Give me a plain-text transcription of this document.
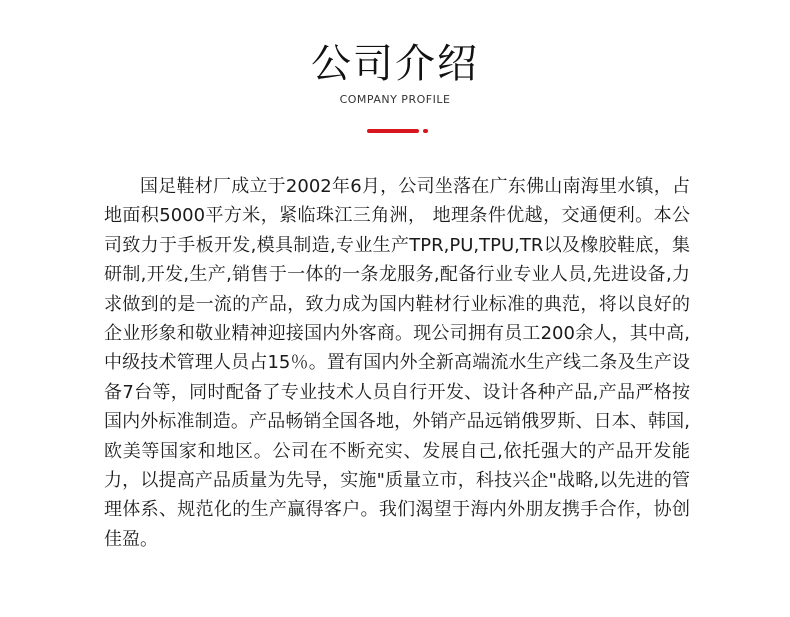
公司介绍
COMPANY PROFILE

国足鞋材厂成立于2002年6月，公司坐落在广东佛山南海里水镇，占地面积5000平方米，紧临珠江三角洲， 地理条件优越，交通便利。本公司致力于手板开发,模具制造,专业生产TPR,PU,TPU,TR以及橡胶鞋底，集研制,开发,生产,销售于一体的一条龙服务,配备行业专业人员,先进设备,力求做到的是一流的产品，致力成为国内鞋材行业标准的典范，将以良好的企业形象和敬业精神迎接国内外客商。现公司拥有员工200余人，其中高,中级技术管理人员占15％。置有国内外全新高端流水生产线二条及生产设备7台等，同时配备了专业技术人员自行开发、设计各种产品,产品严格按国内外标准制造。产品畅销全国各地，外销产品远销俄罗斯、日本、韩国,欧美等国家和地区。公司在不断充实、发展自己,依托强大的产品开发能力，以提高产品质量为先导，实施"质量立市，科技兴企"战略,以先进的管理体系、规范化的生产赢得客户。我们渴望于海内外朋友携手合作，协创佳盈。
